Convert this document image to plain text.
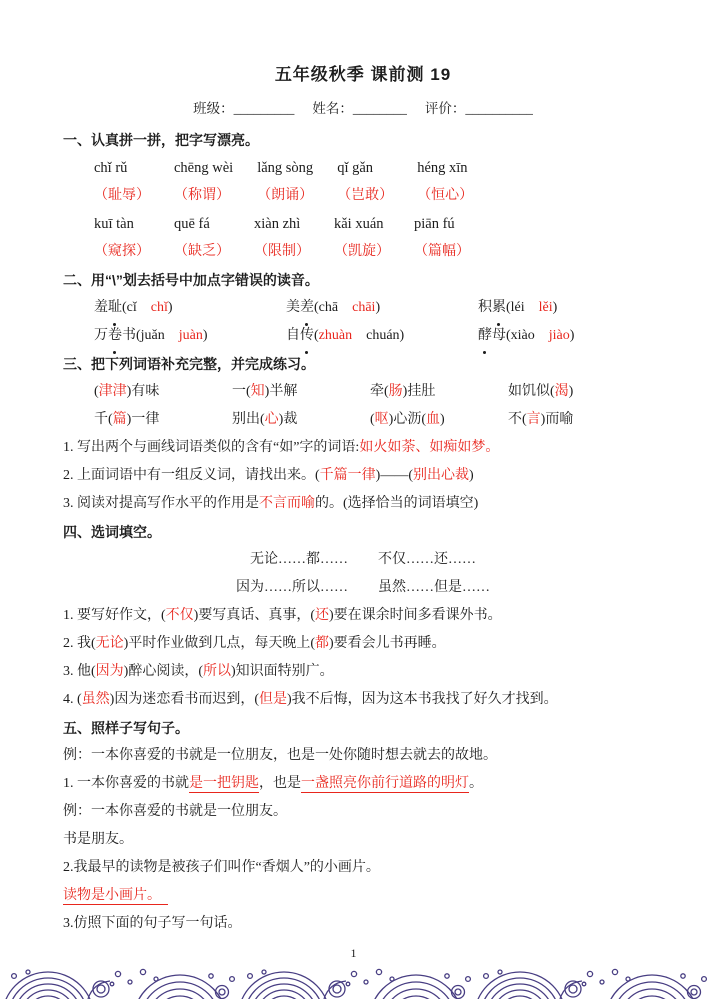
五年级秋季 课前测 19
班级：_________ 姓名：________ 评价：__________
一、认真拼一拼，把字写漂亮。
chǐ rǔ
（耻辱）
chēng wèi
（称谓）
lǎng sòng
（朗诵）
qǐ gǎn
（岂敢）
héng xīn
（恒心）
kuī tàn
（窥探）
quē fá
（缺乏）
xiàn zhì
（限制）
kǎi xuán
（凯旋）
piān fú
（篇幅）
二、用“\”划去括号中加点字错误的读音。
羞耻(cǐ   chǐ)	美差(chā   chāi)	积累(léi   lěi)
万卷书(juǎn   juàn)	自传(zhuàn   chuán)	酵母(xiào   jiào)
三、把下列词语补充完整，并完成练习。
(津津)有味	一(知)半解	牵(肠)挂肚	如饥似(渴)
千(篇)一律	别出(心)裁	(呕)心沥(血)	不(言)而喻
1. 写出两个与画线词语类似的含有“如”字的词语:如火如荼、如痴如梦。
2. 上面词语中有一组反义词，请找出来。(千篇一律)——(别出心裁)
3. 阅读对提高写作水平的作用是不言而喻的。(选择恰当的词语填空)
四、选词填空。
无论……都…… 不仅……还……
因为……所以…… 虽然……但是……
1. 要写好作文，(不仅)要写真话、真事，(还)要在课余时间多看课外书。
2. 我(无论)平时作业做到几点，每天晚上(都)要看会儿书再睡。
3. 他(因为)醉心阅读，(所以)知识面特别广。
4. (虽然)因为迷恋看书而迟到，(但是)我不后悔，因为这本书我找了好久才找到。
五、照样子写句子。
例：一本你喜爱的书就是一位朋友，也是一处你随时想去就去的故地。
1. 一本你喜爱的书就是一把钥匙，也是一盏照亮你前行道路的明灯。
例：一本你喜爱的书就是一位朋友。
书是朋友。
2.我最早的读物是被孩子们叫作“香烟人”的小画片。
读物是小画片。　
3.仿照下面的句子写一句话。
1
